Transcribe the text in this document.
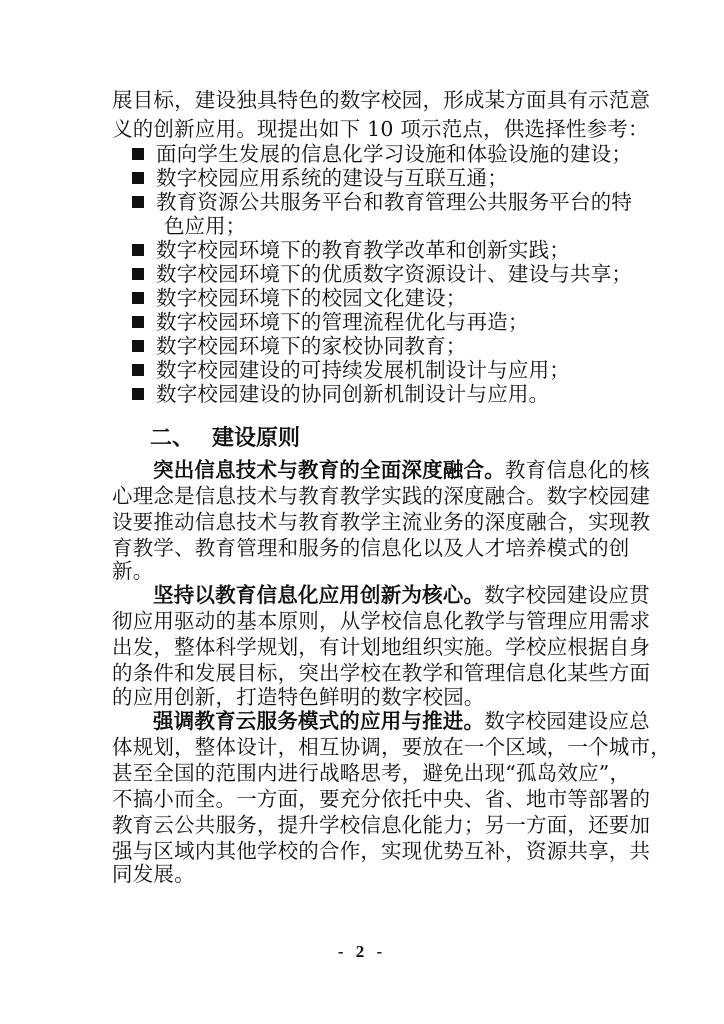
展目标，建设独具特色的数字校园，形成某方面具有示范意
义的创新应用。现提出如下 10 项示范点，供选择性参考：
面向学生发展的信息化学习设施和体验设施的建设；
数字校园应用系统的建设与互联互通；
教育资源公共服务平台和教育管理公共服务平台的特
色应用；
数字校园环境下的教育教学改革和创新实践；
数字校园环境下的优质数字资源设计、建设与共享；
数字校园环境下的校园文化建设；
数字校园环境下的管理流程优化与再造；
数字校园环境下的家校协同教育；
数字校园建设的可持续发展机制设计与应用；
数字校园建设的协同创新机制设计与应用。
二、 建设原则
突出信息技术与教育的全面深度融合。教育信息化的核
心理念是信息技术与教育教学实践的深度融合。数字校园建
设要推动信息技术与教育教学主流业务的深度融合，实现教
育教学、教育管理和服务的信息化以及人才培养模式的创
新。
坚持以教育信息化应用创新为核心。数字校园建设应贯
彻应用驱动的基本原则，从学校信息化教学与管理应用需求
出发，整体科学规划，有计划地组织实施。学校应根据自身
的条件和发展目标，突出学校在教学和管理信息化某些方面
的应用创新，打造特色鲜明的数字校园。
强调教育云服务模式的应用与推进。数字校园建设应总
体规划，整体设计，相互协调，要放在一个区域，一个城市，
甚至全国的范围内进行战略思考，避免出现“孤岛效应”，
不搞小而全。一方面，要充分依托中央、省、地市等部署的
教育云公共服务，提升学校信息化能力；另一方面，还要加
强与区域内其他学校的合作，实现优势互补，资源共享，共
同发展。
- 2 -
